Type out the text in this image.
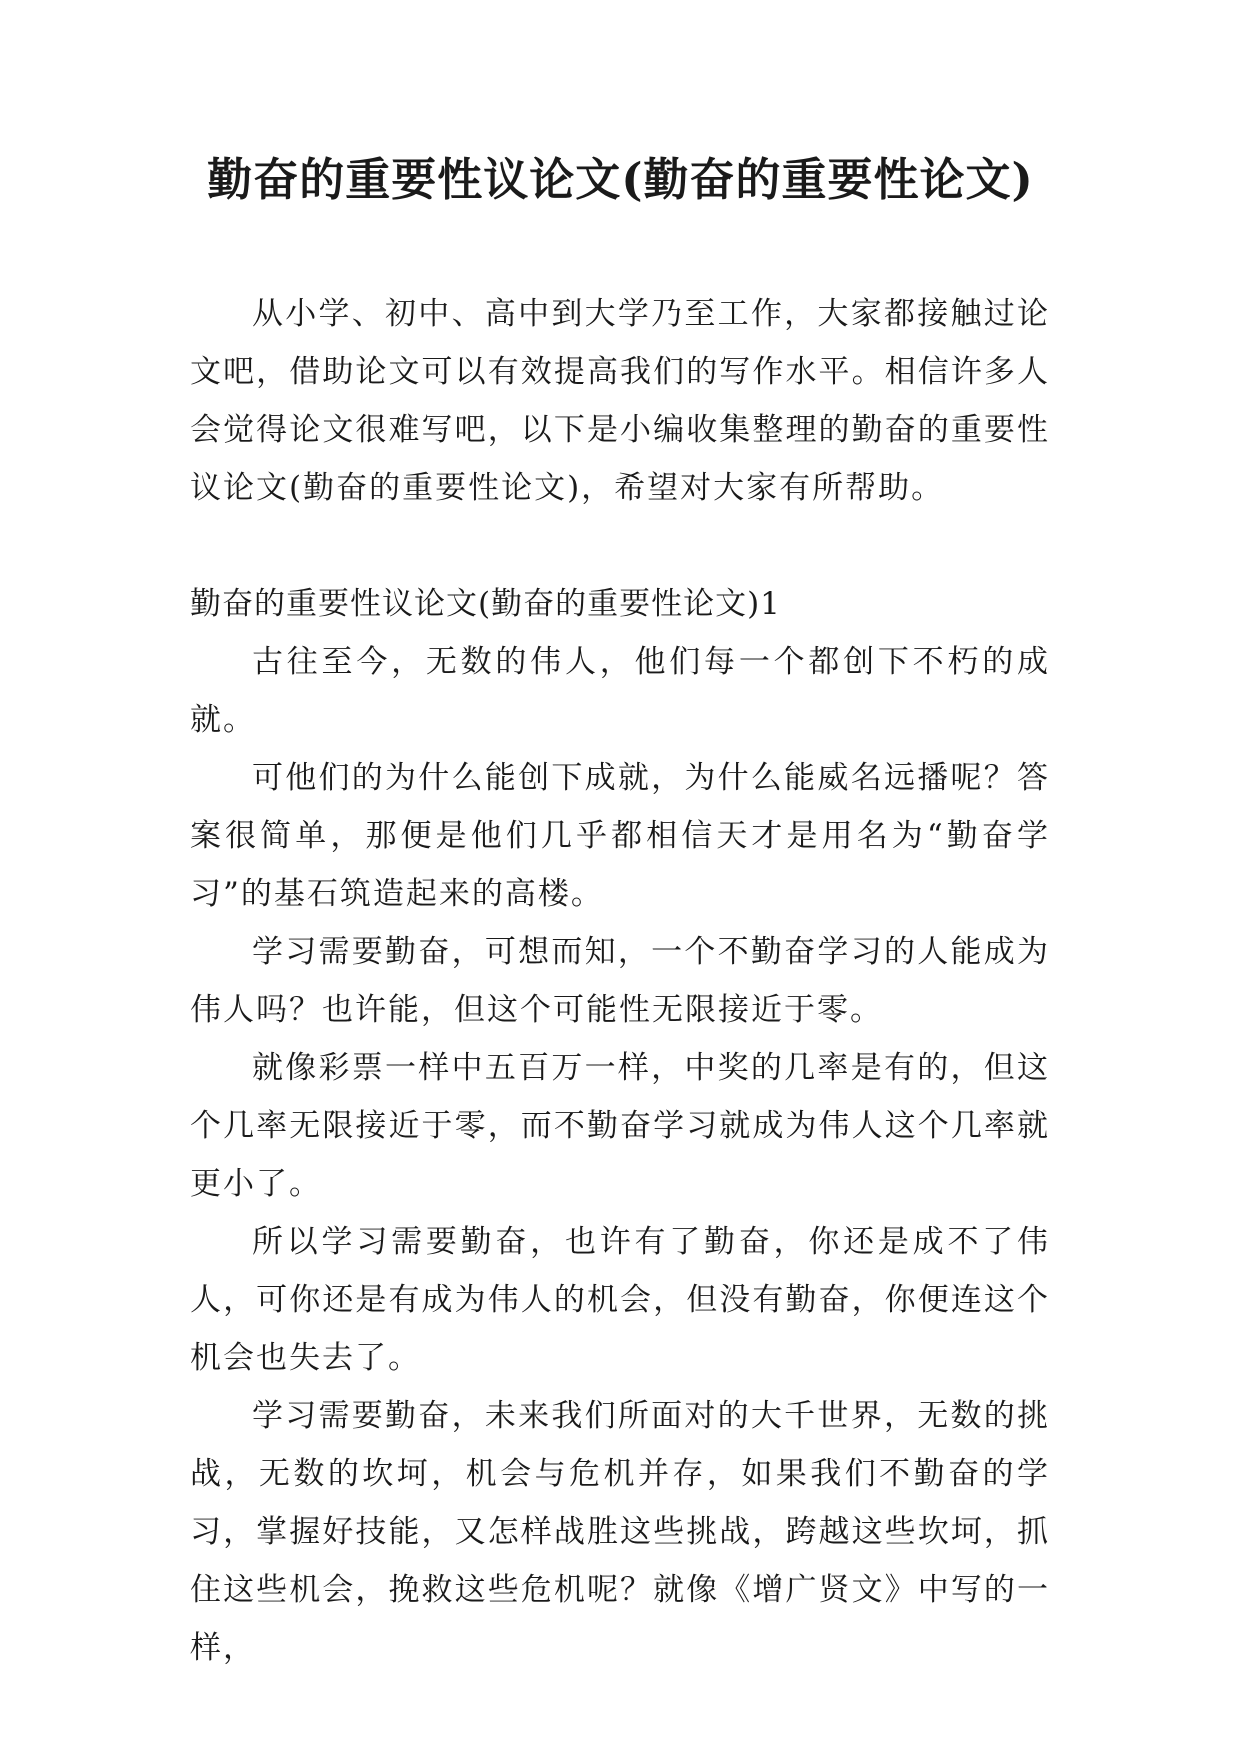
勤奋的重要性议论文(勤奋的重要性论文)

从小学、初中、高中到大学乃至工作，大家都接触过论文吧，借助论文可以有效提高我们的写作水平。相信许多人会觉得论文很难写吧，以下是小编收集整理的勤奋的重要性议论文(勤奋的重要性论文)，希望对大家有所帮助。

勤奋的重要性议论文(勤奋的重要性论文)1

古往至今，无数的伟人，他们每一个都创下不朽的成就。

可他们的为什么能创下成就，为什么能威名远播呢？答案很简单，那便是他们几乎都相信天才是用名为“勤奋学习”的基石筑造起来的高楼。

学习需要勤奋，可想而知，一个不勤奋学习的人能成为伟人吗？也许能，但这个可能性无限接近于零。

就像彩票一样中五百万一样，中奖的几率是有的，但这个几率无限接近于零，而不勤奋学习就成为伟人这个几率就更小了。

所以学习需要勤奋，也许有了勤奋，你还是成不了伟人，可你还是有成为伟人的机会，但没有勤奋，你便连这个机会也失去了。

学习需要勤奋，未来我们所面对的大千世界，无数的挑战，无数的坎坷，机会与危机并存，如果我们不勤奋的学习，掌握好技能，又怎样战胜这些挑战，跨越这些坎坷，抓住这些机会，挽救这些危机呢？就像《增广贤文》中写的一样，
